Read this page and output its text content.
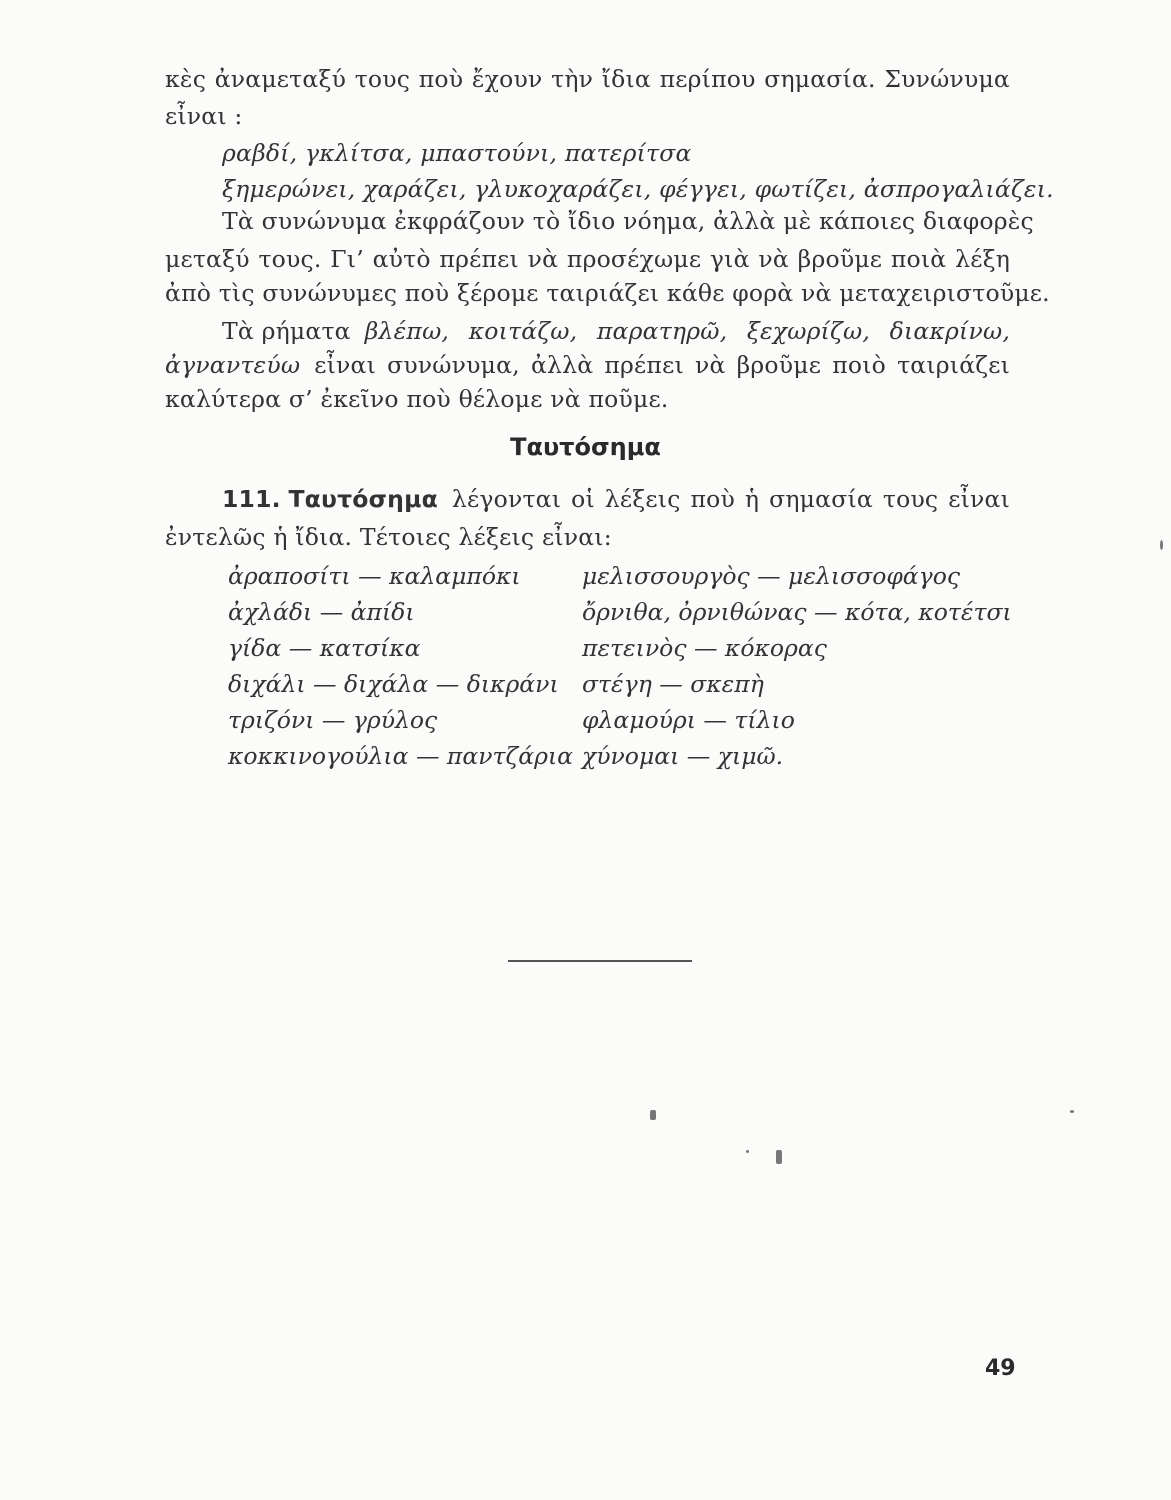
κὲς ἀναμεταξύ τους ποὺ ἔχουν τὴν ἴδια περίπου σημασία. Συνώνυμα
εἶναι :
ραβδί, γκλίτσα, μπαστούνι, πατερίτσα
ξημερώνει, χαράζει, γλυκοχαράζει, φέγγει, φωτίζει, ἀσπρογαλιάζει.
Τὰ συνώνυμα ἐκφράζουν τὸ ἴδιο νόημα, ἀλλὰ μὲ κάποιες διαφορὲς
μεταξύ τους. Γι’ αὐτὸ πρέπει νὰ προσέχωμε γιὰ νὰ βροῦμε ποιὰ λέξη
ἀπὸ τὶς συνώνυμες ποὺ ξέρομε ταιριάζει κάθε φορὰ νὰ μεταχειριστοῦμε.
Τὰ ρήματα βλέπω, κοιτάζω, παρατηρῶ, ξεχωρίζω, διακρίνω,
ἀγναντεύω εἶναι συνώνυμα, ἀλλὰ πρέπει νὰ βροῦμε ποιὸ ταιριάζει
καλύτερα σ’ ἐκεῖνο ποὺ θέλομε νὰ ποῦμε.
Ταυτόσημα
111. Ταυτόσημα λέγονται οἱ λέξεις ποὺ ἡ σημασία τους εἶναι
ἐντελῶς ἡ ἴδια. Τέτοιες λέξεις εἶναι:
ἀραποσίτι — καλαμπόκι
ἀχλάδι — ἀπίδι
γίδα — κατσίκα
διχάλι — διχάλα — δικράνι
τριζόνι — γρύλος
κοκκινογούλια — παντζάρια
μελισσουργὸς — μελισσοφάγος
ὄρνιθα, ὀρνιθώνας — κότα, κοτέτσι
πετεινὸς — κόκορας
στέγη — σκεπὴ
φλαμούρι — τίλιο
χύνομαι — χιμῶ.
49
